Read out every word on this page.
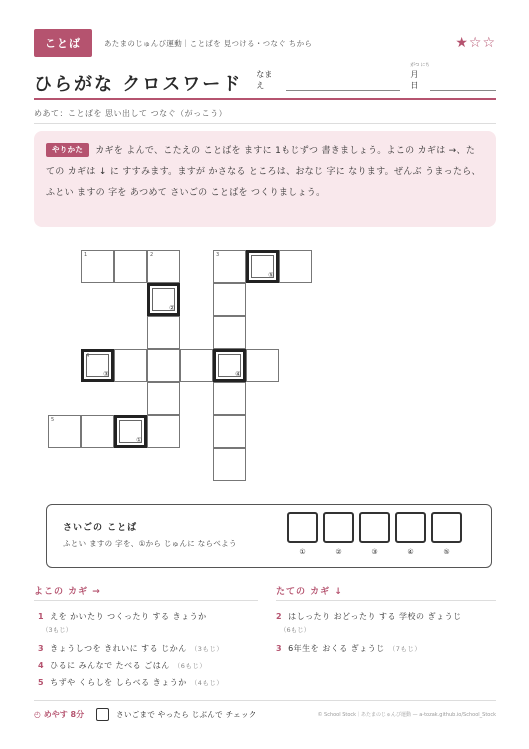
ことば	あたまのじゅんび運動｜ことばを 見つける・つなぐ ちから	★☆☆
ひらがな クロスワード なまえ
がつ にち
月日
めあて：ことばを 思い出して つなぐ（がっこう）
やりかた カギを よんで、こたえの ことばを ますに 1もじずつ 書きましょう。よこの カギは →、たての カギは ↓ に すすみます。ますが かさなる ところは、おなじ 字に なります。ぜんぶ うまったら、ふとい ますの 字を あつめて さいごの ことばを つくりましょう。
1	2	3
⑤
②
4
③	④
5
①
さいごの ことば
ふとい ますの 字を、①から じゅんに ならべよう
①	②	③	④	⑤
よこの カギ →	たての カギ ↓
1 えを かいたり つくったり する きょうか
（3もじ）
3 きょうしつを きれいに する じかん （3もじ）
4 ひるに みんなで たべる ごはん （6もじ）
5 ちずや くらしを しらべる きょうか （4もじ）
2 はしったり おどったり する 学校の ぎょうじ
（6もじ）
3 6年生を おくる ぎょうじ （7もじ）
◴ めやす 8分	さいごまで やったら じぶんで チェック	© School Stock｜あたまのじゅんび運動 — a-tozak.github.io/School_Stock
